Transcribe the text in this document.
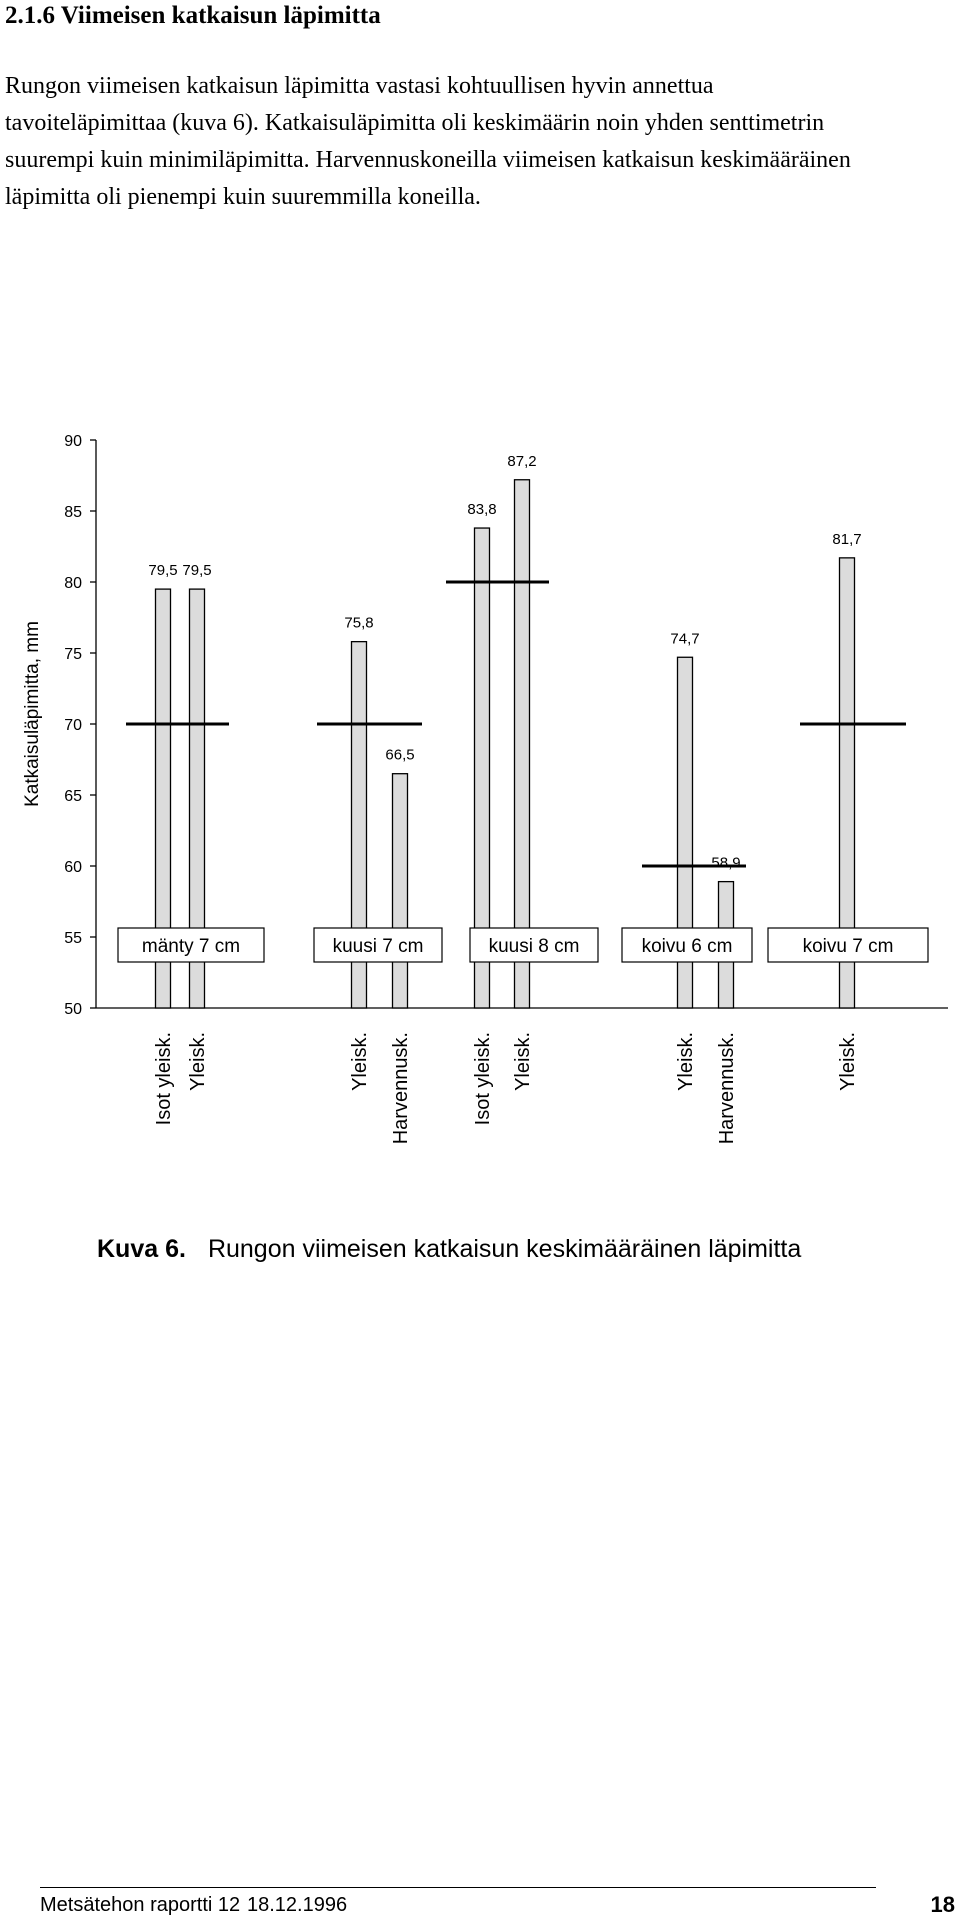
2.1.6 Viimeisen katkaisun läpimitta

Rungon viimeisen katkaisun läpimitta vastasi kohtuullisen hyvin annettua tavoiteläpimittaa (kuva 6). Katkaisuläpimitta oli keskimäärin noin yhden senttimetrin suurempi kuin minimiläpimitta. Harvennuskoneilla viimeisen katkaisun keskimääräinen läpimitta oli pienempi kuin suuremmilla koneilla.

Katkaisuläpimitta, mm
50
55
60
65
70
75
80
85
90
79,5 79,5
75,8
66,5
83,8
87,2
74,7
58,9
81,7
mänty 7 cm	kuusi 7 cm	kuusi 8 cm	koivu 6 cm	koivu 7 cm
Isot yleisk. Yleisk.	Yleisk. Harvennusk.	Isot yleisk. Yleisk.	Yleisk. Harvennusk.	Yleisk.
Kuva 6. Rungon viimeisen katkaisun keskimääräinen läpimitta
Metsätehon raportti 12 18.12.1996	18
